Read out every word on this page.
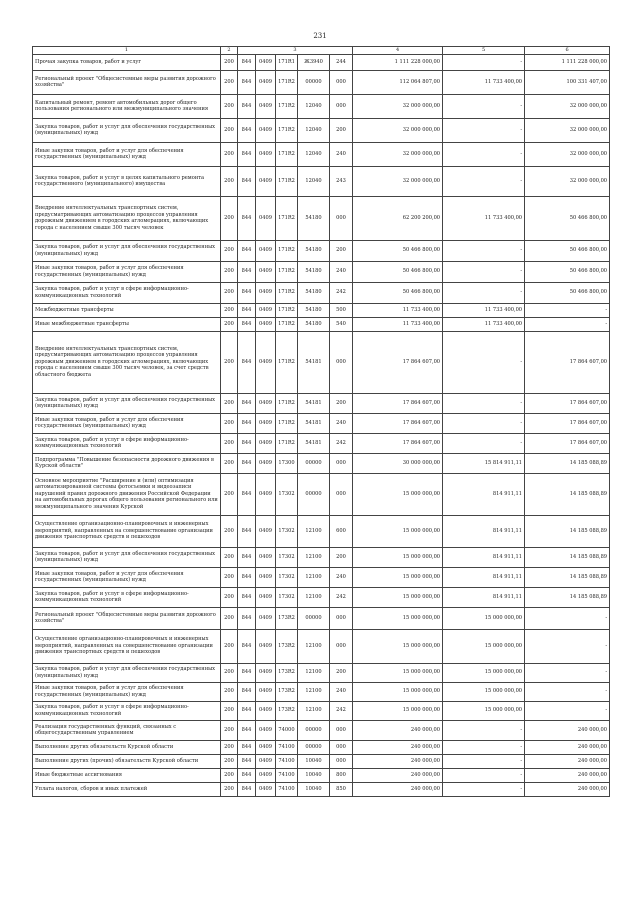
231
1	2	3					4	5	6
Прочая закупка товаров, работ и услуг	200	844	0409	171R1	Ж3940	244	1 111 228 000,00	-	1 111 228 000,00
Региональный проект "Общесистемные меры развития дорожного хозяйства"	200	844	0409	171R2	00000	000	112 064 807,00	11 733 400,00	100 331 407,00
Капитальный ремонт, ремонт автомобильных дорог общего пользования регионального или межмуниципального значения	200	844	0409	171R2	12040	000	32 000 000,00	-	32 000 000,00
Закупка товаров, работ и услуг для обеспечения государственных (муниципальных) нужд	200	844	0409	171R2	12040	200	32 000 000,00	-	32 000 000,00
Иные закупки товаров, работ и услуг для обеспечения государственных (муниципальных) нужд	200	844	0409	171R2	12040	240	32 000 000,00	-	32 000 000,00
Закупка товаров, работ и услуг в целях капитального ремонта государственного (муниципального) имущества	200	844	0409	171R2	12040	243	32 000 000,00	-	32 000 000,00
Внедрение интеллектуальных транспортных систем, предусматривающих автоматизацию процессов управления дорожным движением в городских агломерациях, включающих города с населением свыше 300 тысяч человек	200	844	0409	171R2	54180	000	62 200 200,00	11 733 400,00	50 466 800,00
Закупка товаров, работ и услуг для обеспечения государственных (муниципальных) нужд	200	844	0409	171R2	54180	200	50 466 800,00	-	50 466 800,00
Иные закупки товаров, работ и услуг для обеспечения государственных (муниципальных) нужд	200	844	0409	171R2	54180	240	50 466 800,00	-	50 466 800,00
Закупка товаров, работ и услуг в сфере информационно-коммуникационных технологий	200	844	0409	171R2	54180	242	50 466 800,00	-	50 466 800,00
Межбюджетные трансферты	200	844	0409	171R2	54180	500	11 733 400,00	11 733 400,00	-
Иные межбюджетные трансферты	200	844	0409	171R2	54180	540	11 733 400,00	11 733 400,00	-
Внедрение интеллектуальных транспортных систем, предусматривающих автоматизацию процессов управления дорожным движением в городских агломерациях, включающих города с населением свыше 300 тысяч человек, за счет средств областного бюджета	200	844	0409	171R2	54181	000	17 864 607,00	-	17 864 607,00
Закупка товаров, работ и услуг для обеспечения государственных (муниципальных) нужд	200	844	0409	171R2	54181	200	17 864 607,00	-	17 864 607,00
Иные закупки товаров, работ и услуг для обеспечения государственных (муниципальных) нужд	200	844	0409	171R2	54181	240	17 864 607,00	-	17 864 607,00
Закупка товаров, работ и услуг в сфере информационно-коммуникационных технологий	200	844	0409	171R2	54181	242	17 864 607,00	-	17 864 607,00
Подпрограмма "Повышение безопасности дорожного движения в Курской области"	200	844	0409	17300	00000	000	30 000 000,00	15 814 911,11	14 185 088,89
Основное мероприятие "Расширение и (или) оптимизация автоматизированной системы фотосъемки и видеозаписи нарушений правил дорожного движения Российской Федерации на автомобильных дорогах общего пользования регионального или межмуниципального значения Курской	200	844	0409	17302	00000	000	15 000 000,00	814 911,11	14 185 088,89
Осуществление организационно-планировочных и инженерных мероприятий, направленных на совершенствование организации движения транспортных средств и пешеходов	200	844	0409	17302	12100	600	15 000 000,00	814 911,11	14 185 088,89
Закупка товаров, работ и услуг для обеспечения государственных (муниципальных) нужд	200	844	0409	17302	12100	200	15 000 000,00	814 911,11	14 185 088,89
Иные закупки товаров, работ и услуг для обеспечения государственных (муниципальных) нужд	200	844	0409	17302	12100	240	15 000 000,00	814 911,11	14 185 088,89
Закупка товаров, работ и услуг в сфере информационно-коммуникационных технологий	200	844	0409	17302	12100	242	15 000 000,00	814 911,11	14 185 088,89
Региональный проект "Общесистемные меры развития дорожного хозяйства"	200	844	0409	173R2	00000	000	15 000 000,00	15 000 000,00	-
Осуществление организационно-планировочных и инженерных мероприятий, направленных на совершенствование организации движения транспортных средств и пешеходов	200	844	0409	173R2	12100	000	15 000 000,00	15 000 000,00	-
Закупка товаров, работ и услуг для обеспечения государственных (муниципальных) нужд	200	844	0409	173R2	12100	200	15 000 000,00	15 000 000,00	-
Иные закупки товаров, работ и услуг для обеспечения государственных (муниципальных) нужд	200	844	0409	173R2	12100	240	15 000 000,00	15 000 000,00	-
Закупка товаров, работ и услуг в сфере информационно-коммуникационных технологий	200	844	0409	173R2	12100	242	15 000 000,00	15 000 000,00	-
Реализация государственных функций, связанных с общегосударственным управлением	200	844	0409	74000	00000	000	240 000,00	-	240 000,00
Выполнение других обязательств Курской области	200	844	0409	74100	00000	000	240 000,00	-	240 000,00
Выполнение других (прочих) обязательств Курской области	200	844	0409	74100	10040	000	240 000,00	-	240 000,00
Иные бюджетные ассигнования	200	844	0409	74100	10040	800	240 000,00	-	240 000,00
Уплата налогов, сборов и иных платежей	200	844	0409	74100	10040	850	240 000,00	-	240 000,00
